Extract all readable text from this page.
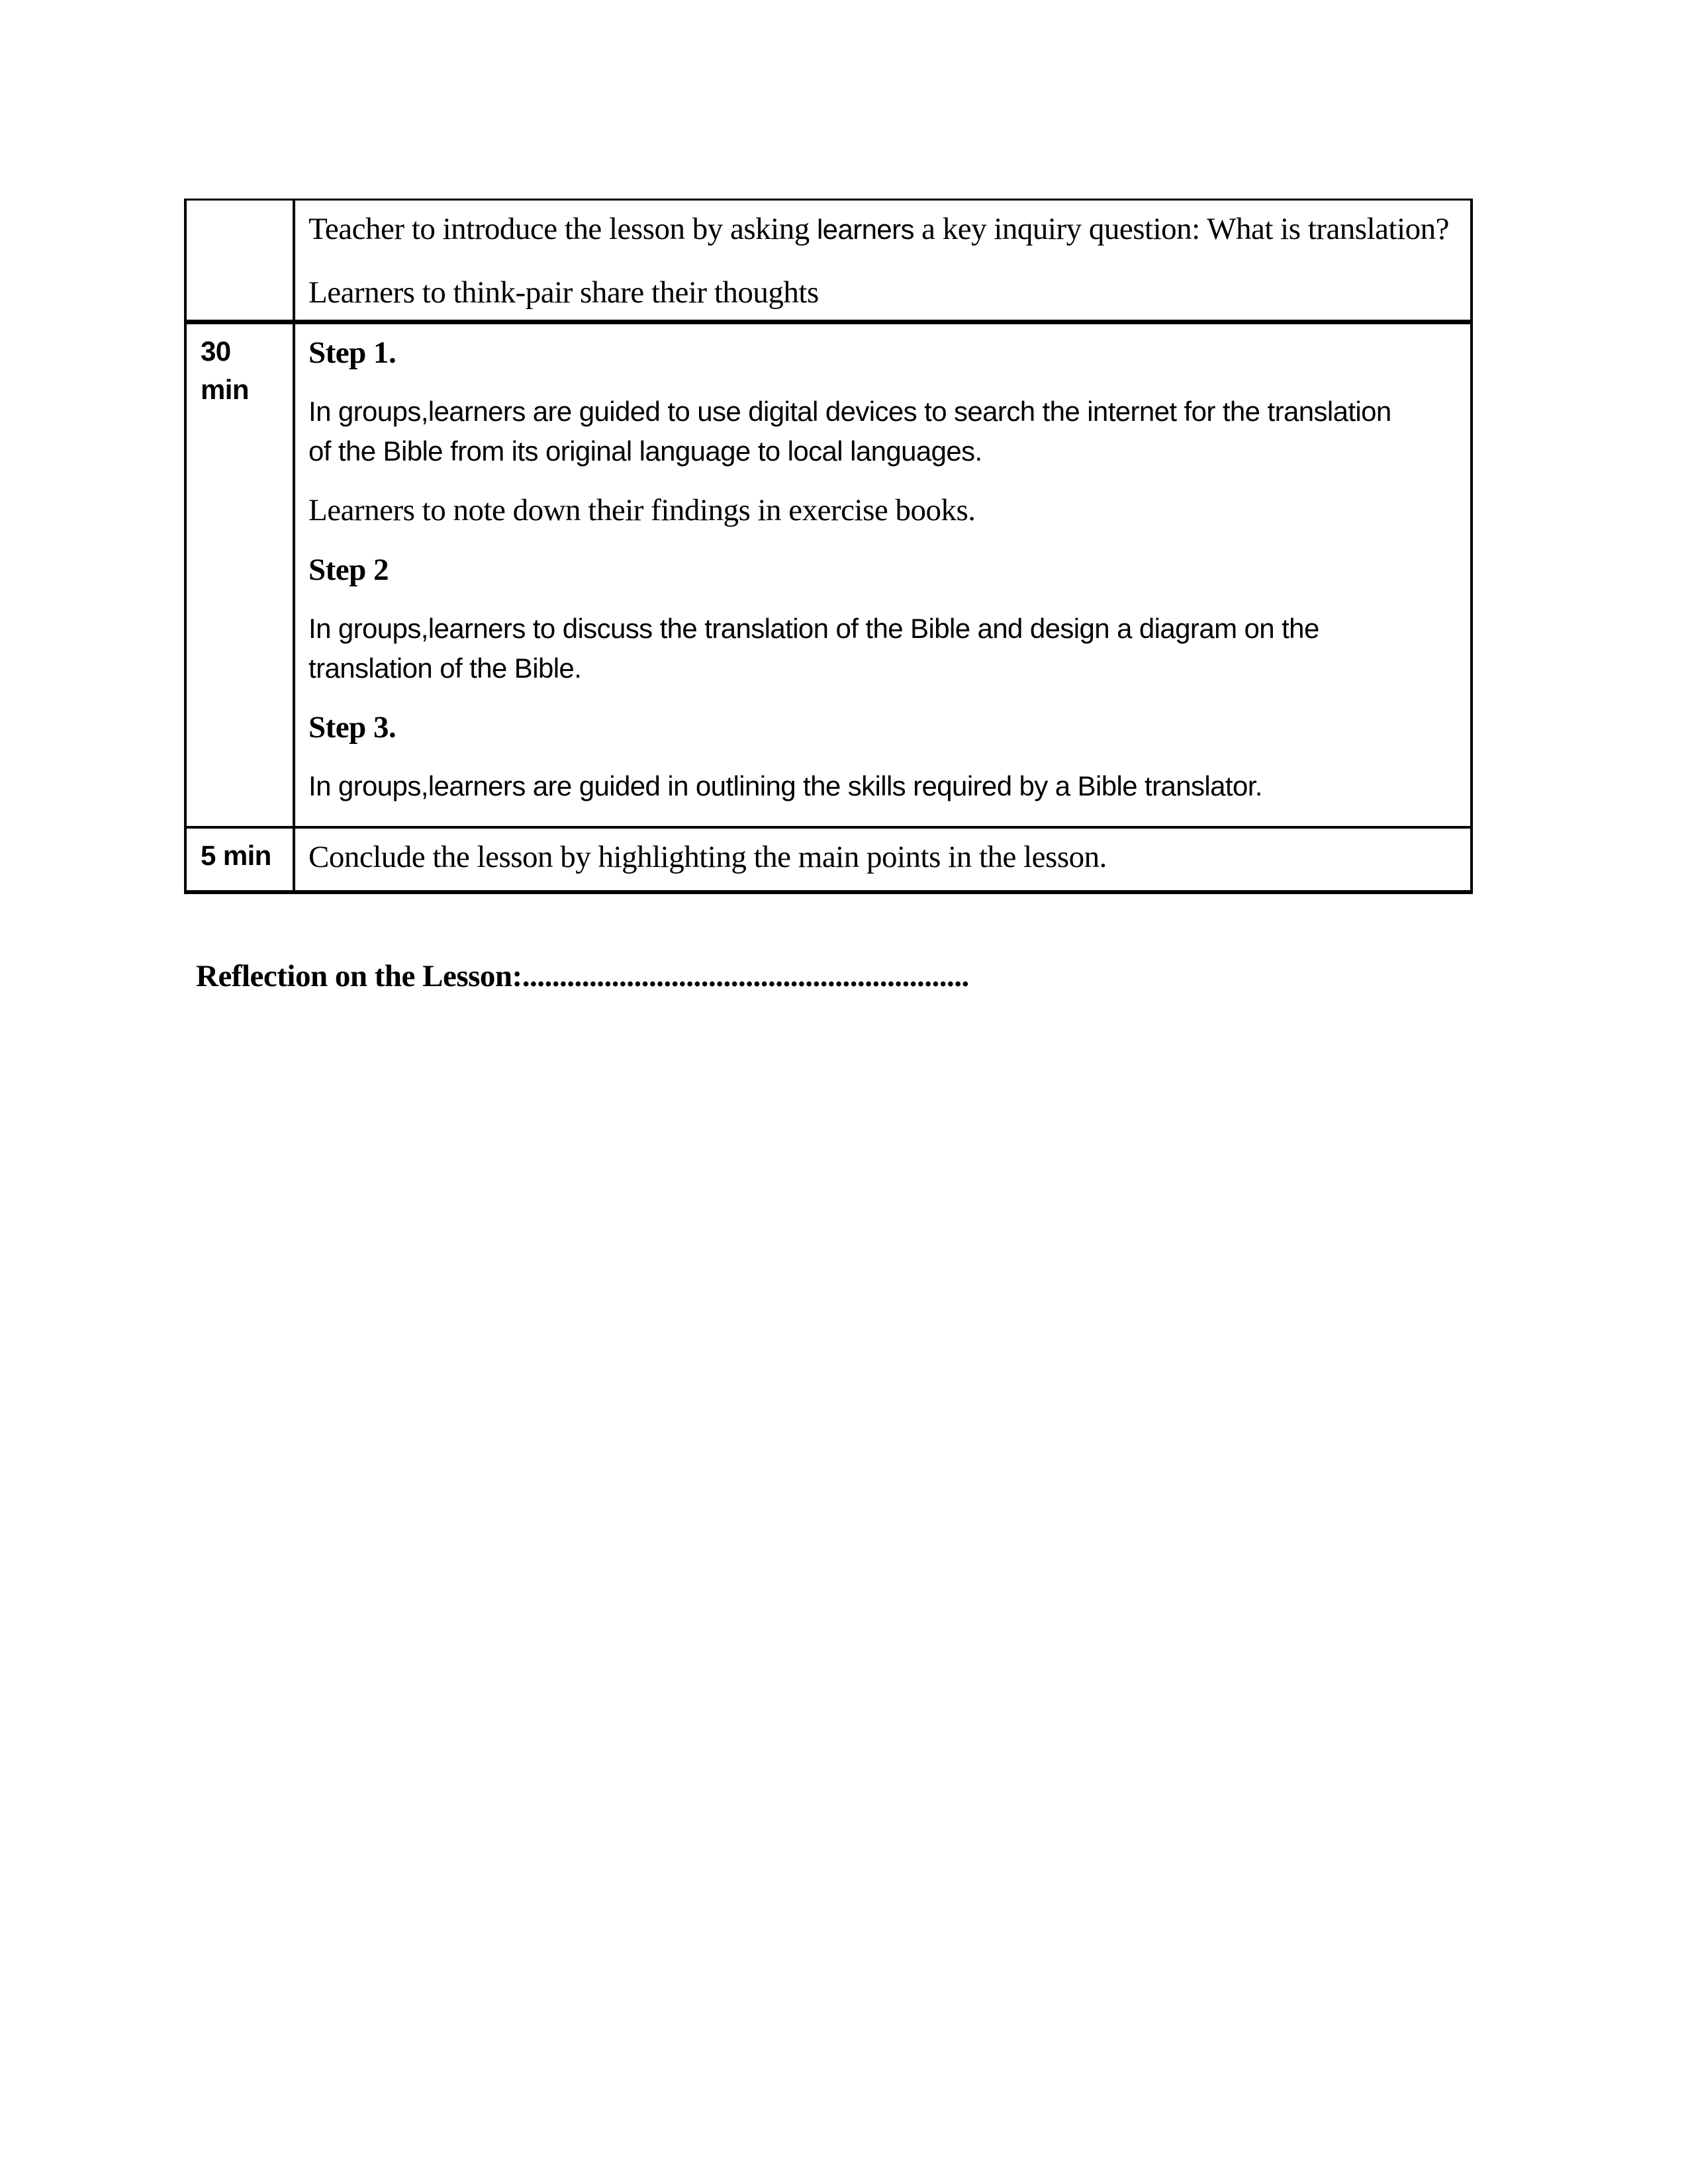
Teacher to introduce the lesson by asking learners a key inquiry question: What is translation?
Learners to think-pair share their thoughts
30
min
Step 1.
In groups,learners are guided to use digital devices to search the internet for the translation
of the Bible from its original language to local languages.
Learners to note down their findings in exercise books.
Step 2
In groups,learners to discuss the translation of the Bible and design a diagram on the
translation of the Bible.
Step 3.
In groups,learners are guided in outlining the skills required by a Bible translator.
5 min	Conclude the lesson by highlighting the main points in the lesson.
Reflection on the Lesson:............................................................
